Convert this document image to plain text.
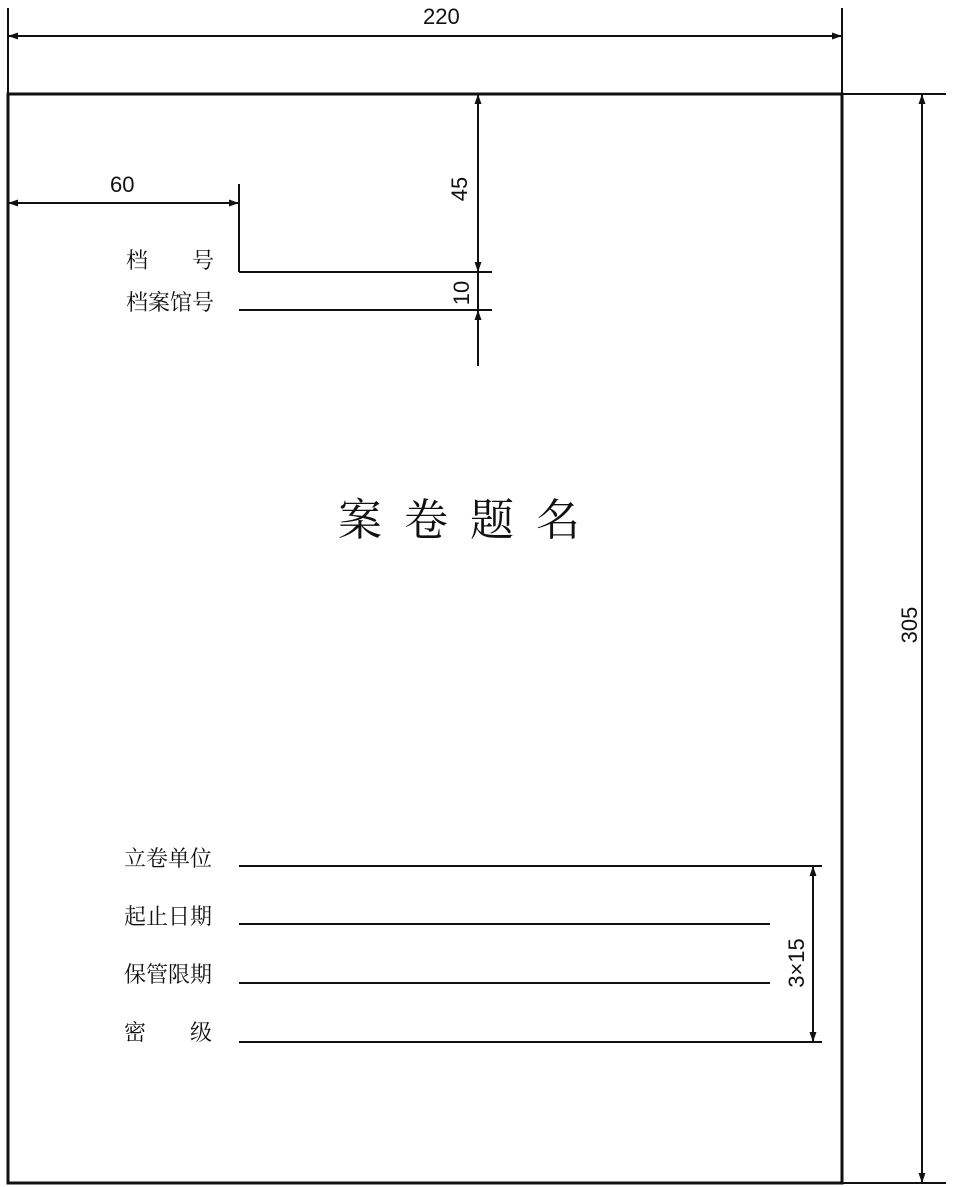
220
305
60	45
10
3×15
档　　号
档案馆号
案卷题名
立卷单位
起止日期
保管限期
密　　级
